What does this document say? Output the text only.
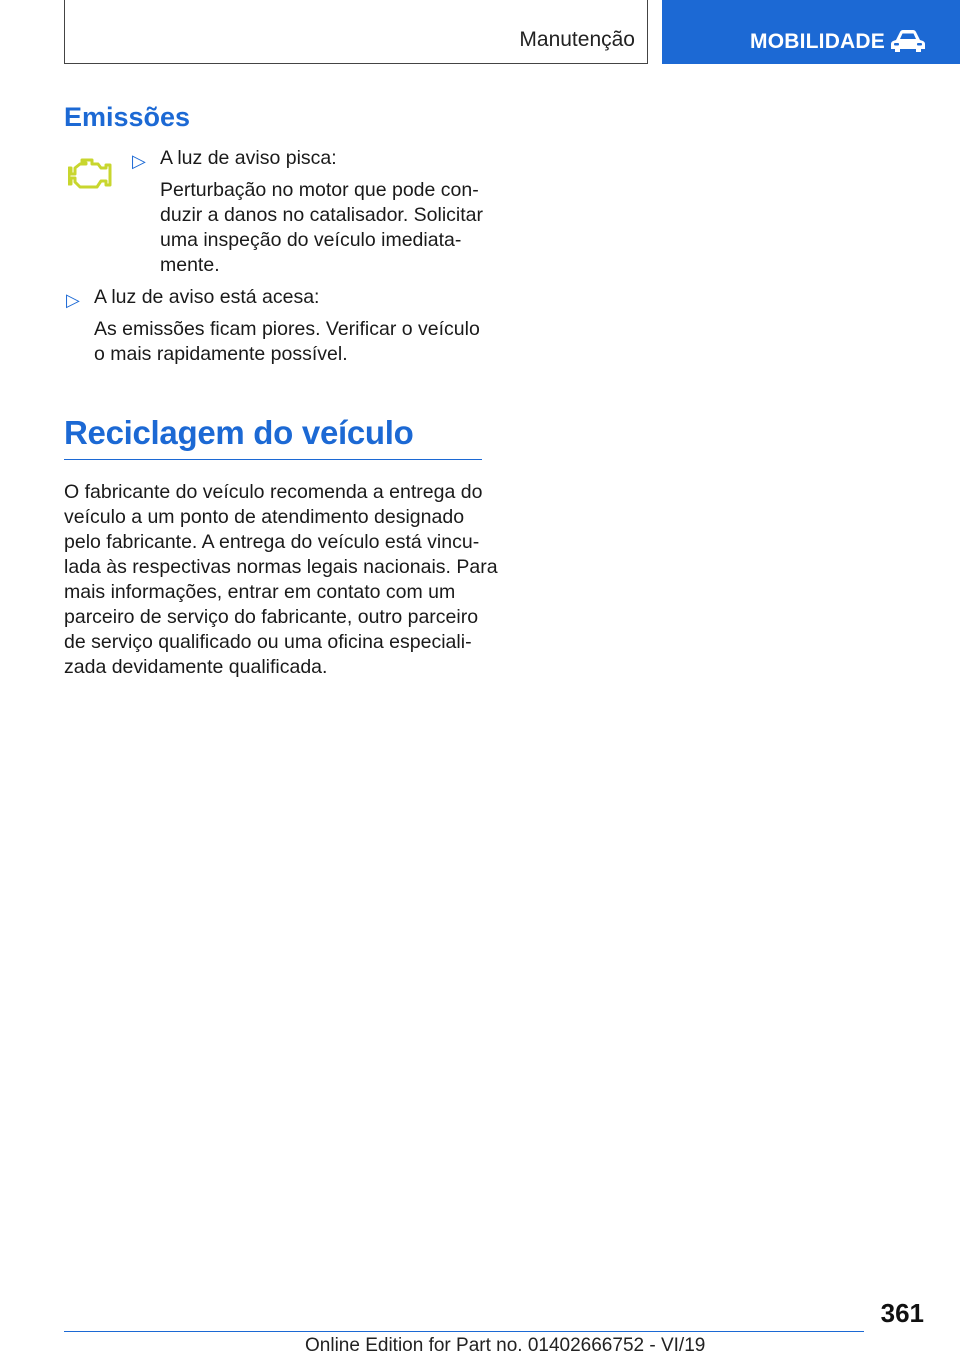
Manutenção	MOBILIDADE
Emissões
▷ A luz de aviso pisca:
Perturbação no motor que pode con-
duzir a danos no catalisador. Solicitar
uma inspeção do veículo imediata-
mente.
▷ A luz de aviso está acesa:
As emissões ficam piores. Verificar o veículo
o mais rapidamente possível.
Reciclagem do veículo
O fabricante do veículo recomenda a entrega do
veículo a um ponto de atendimento designado
pelo fabricante. A entrega do veículo está vincu-
lada às respectivas normas legais nacionais. Para
mais informações, entrar em contato com um
parceiro de serviço do fabricante, outro parceiro
de serviço qualificado ou uma oficina especiali-
zada devidamente qualificada.
361
Online Edition for Part no. 01402666752 - VI/19
